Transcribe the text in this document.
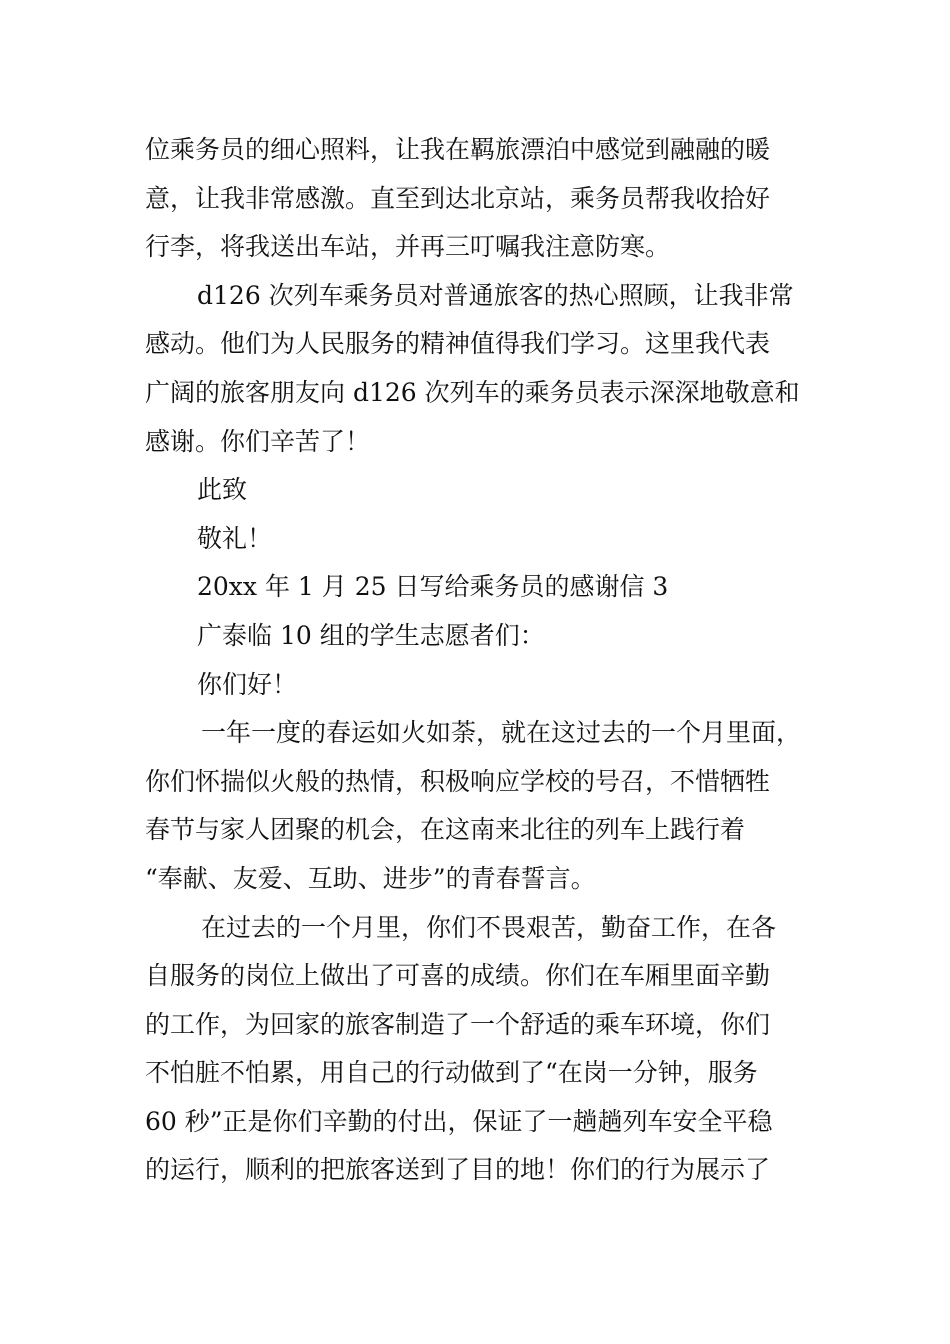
位乘务员的细心照料，让我在羁旅漂泊中感觉到融融的暖
意，让我非常感激。直至到达北京站，乘务员帮我收拾好
行李，将我送出车站，并再三叮嘱我注意防寒。
d126 次列车乘务员对普通旅客的热心照顾，让我非常
感动。他们为人民服务的精神值得我们学习。这里我代表
广阔的旅客朋友向 d126 次列车的乘务员表示深深地敬意和
感谢。你们辛苦了！
此致
敬礼！
20xx 年 1 月 25 日写给乘务员的感谢信 3
广泰临 10 组的学生志愿者们：
你们好！
一年一度的春运如火如荼，就在这过去的一个月里面，
你们怀揣似火般的热情，积极响应学校的号召，不惜牺牲
春节与家人团聚的机会，在这南来北往的列车上践行着
“奉献、友爱、互助、进步”的青春誓言。
在过去的一个月里，你们不畏艰苦，勤奋工作，在各
自服务的岗位上做出了可喜的成绩。你们在车厢里面辛勤
的工作，为回家的旅客制造了一个舒适的乘车环境，你们
不怕脏不怕累，用自己的行动做到了“在岗一分钟，服务
60 秒”正是你们辛勤的付出，保证了一趟趟列车安全平稳
的运行，顺利的把旅客送到了目的地！你们的行为展示了
